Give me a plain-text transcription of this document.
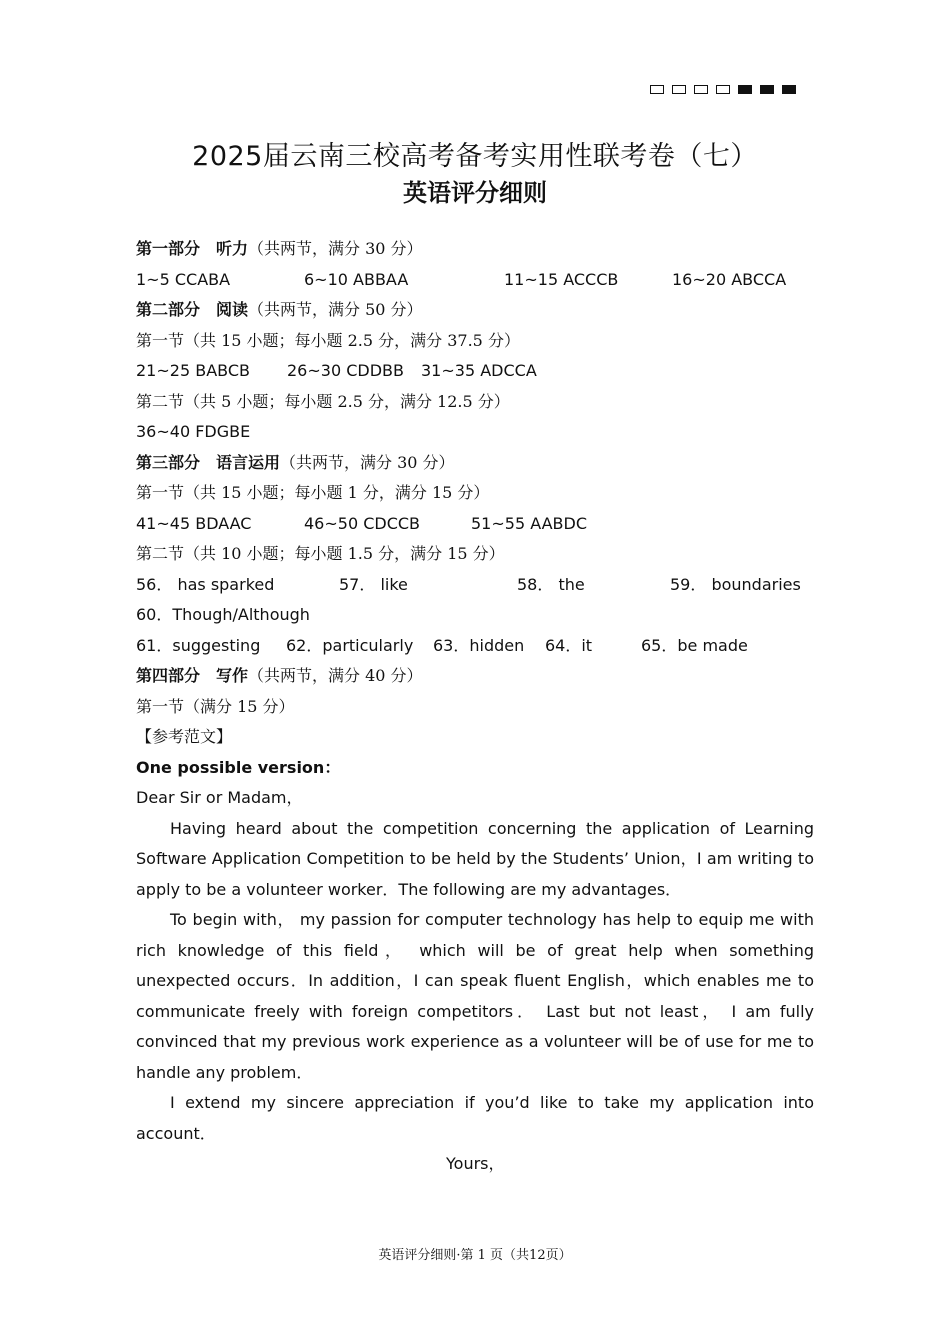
2025届云南三校高考备考实用性联考卷（七）
英语评分细则
第一部分　听力（共两节，满分 30 分）
1~5 CCABA	6~10 ABBAA	11~15 ACCCB	16~20 ABCCA
第二部分　阅读（共两节，满分 50 分）
第一节（共 15 小题；每小题 2.5 分，满分 37.5 分）
21~25 BABCB 26~30 CDDBB 31~35 ADCCA
第二节（共 5 小题；每小题 2.5 分，满分 12.5 分）
36~40 FDGBE
第三部分　语言运用（共两节，满分 30 分）
第一节（共 15 小题；每小题 1 分，满分 15 分）
41~45 BDAAC	46~50 CDCCB	51~55 AABDC
第二节（共 10 小题；每小题 1.5 分，满分 15 分）
56． has sparked	57． like	58． the	59． boundaries
60．Though/Although
61．suggesting 62．particularly 63．hidden 64．it	65．be made
第四部分　写作（共两节，满分 40 分）
第一节（满分 15 分）
【参考范文】
One possible version：
Dear Sir or Madam，

Having heard about the competition concerning the application of Learning Software Application Competition to be held by the Students’ Union，I am writing to apply to be a volunteer worker．The following are my advantages．

To begin with， my passion for computer technology has help to equip me with rich knowledge of this field， which will be of great help when something unexpected occurs．In addition，I can speak fluent English，which enables me to communicate freely with foreign competitors． Last but not least， I am fully convinced that my previous work experience as a volunteer will be of use for me to handle any problem．

I extend my sincere appreciation if you’d like to take my application into account．

Yours，
英语评分细则·第 1 页（共12页）
